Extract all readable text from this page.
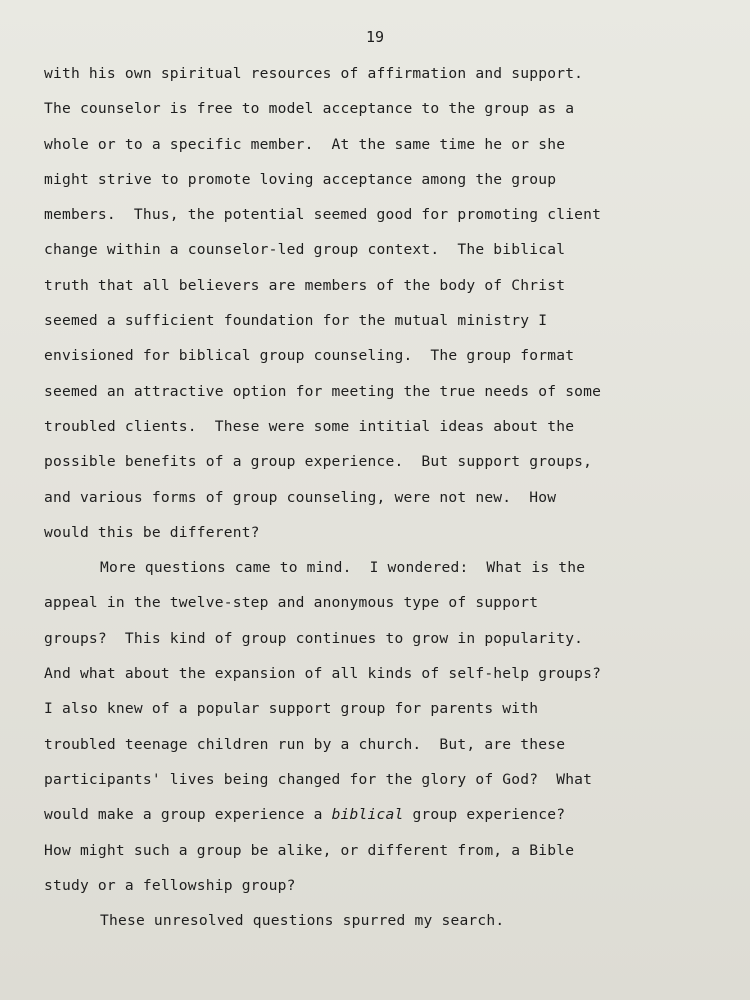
19
with his own spiritual resources of affirmation and support.
The counselor is free to model acceptance to the group as a
whole or to a specific member.  At the same time he or she
might strive to promote loving acceptance among the group
members.  Thus, the potential seemed good for promoting client
change within a counselor-led group context.  The biblical
truth that all believers are members of the body of Christ
seemed a sufficient foundation for the mutual ministry I
envisioned for biblical group counseling.  The group format
seemed an attractive option for meeting the true needs of some
troubled clients.  These were some intitial ideas about the
possible benefits of a group experience.  But support groups,
and various forms of group counseling, were not new.  How
would this be different?
More questions came to mind.  I wondered:  What is the
appeal in the twelve-step and anonymous type of support
groups?  This kind of group continues to grow in popularity.
And what about the expansion of all kinds of self-help groups?
I also knew of a popular support group for parents with
troubled teenage children run by a church.  But, are these
participants' lives being changed for the glory of God?  What
would make a group experience a biblical group experience?
How might such a group be alike, or different from, a Bible
study or a fellowship group?
These unresolved questions spurred my search.
